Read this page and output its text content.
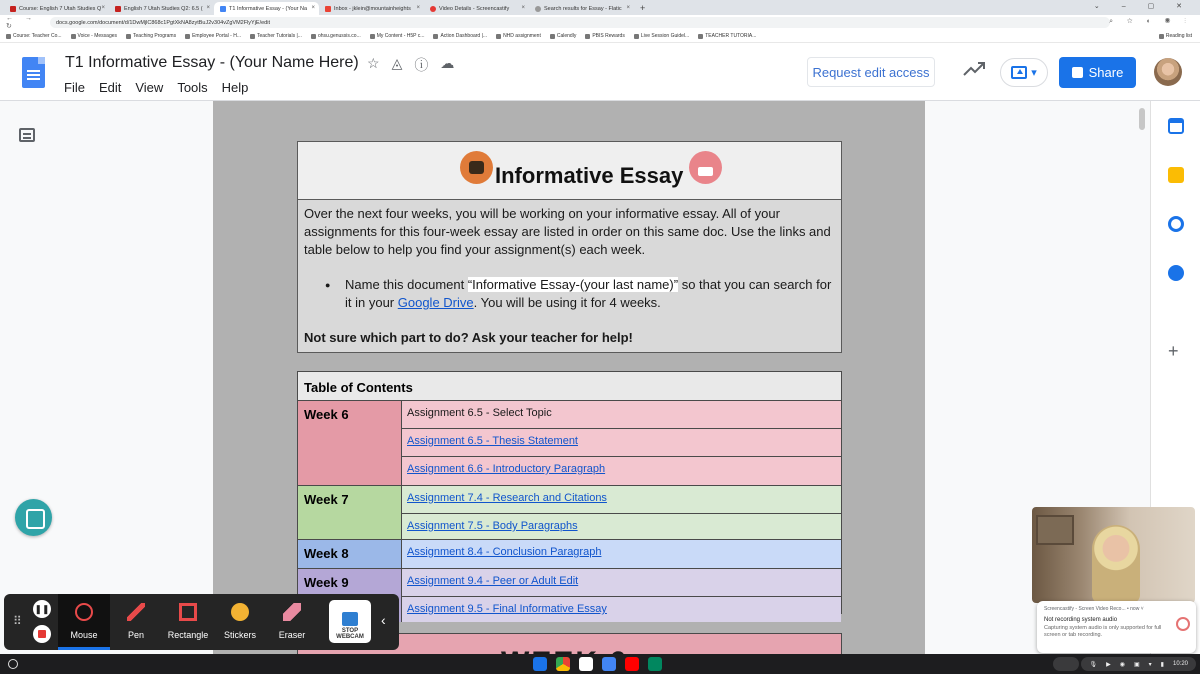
Course: English 7 Utah Studies Q ×	English 7 Utah Studies Q2: 6.5 ( ×	T1 Informative Essay - (Your Na ×	Inbox - jklein@mountainheights ×	Video Details - Screencastify ×	Search results for Essay - Flatic ×	+	⌄ – ▢ ✕
← → ↻
docs.google.com/document/d/1DwMjlC868c1PgtXkNA8zytBuJ2v304vZgVM2FlyYjE/edit	⌕ ☆ ◐ ◉ ⋮
Course: Teacher Co...	Voice - Messages	Teaching Programs	Employee Portal - H...	Teacher Tutorials |...	ohsu.genussis.co...	My Content - H5P c...	Action Dashboard |...	NHD assignment	Calendly	PBIS Rewards	Live Session Guidel...	TEACHER TUTORIA...	Reading list
T1 Informative Essay - (Your Name Here) ☆ ◬ ⓘ ☁
File Edit View Tools Help
Request edit access	▾	Share
Informative Essay

Over the next four weeks, you will be working on your informative essay. All of your assignments for this four-week essay are listed in order on this same doc. Use the links and table below to help you find your assignment(s) each week.

● Name this document “Informative Essay-(your last name)” so that you can search for it in your Google Drive. You will be using it for 4 weeks.

Not sure which part to do? Ask your teacher for help!

Table of Contents
Week 6	Assignment 6.5 - Select Topic
Assignment 6.5 - Thesis Statement
Assignment 6.6 - Introductory Paragraph
Week 7	Assignment 7.4 - Research and Citations
Assignment 7.5 - Body Paragraphs
Week 8	Assignment 8.4 - Conclusion Paragraph
Week 9	Assignment 9.4 - Peer or Adult Edit
Assignment 9.5 - Final Informative Essay
+
⠿
❚❚
Mouse	Pen	Rectangle Stickers	Eraser	STOP WEBCAM
‹
Screencastify - Screen Video Reco... • now ˅
Not recording system audio
Capturing system audio is only supported for full screen or tab recording.
🎙 ▶ ◉ ▣ ▾ ▮ 10:20
